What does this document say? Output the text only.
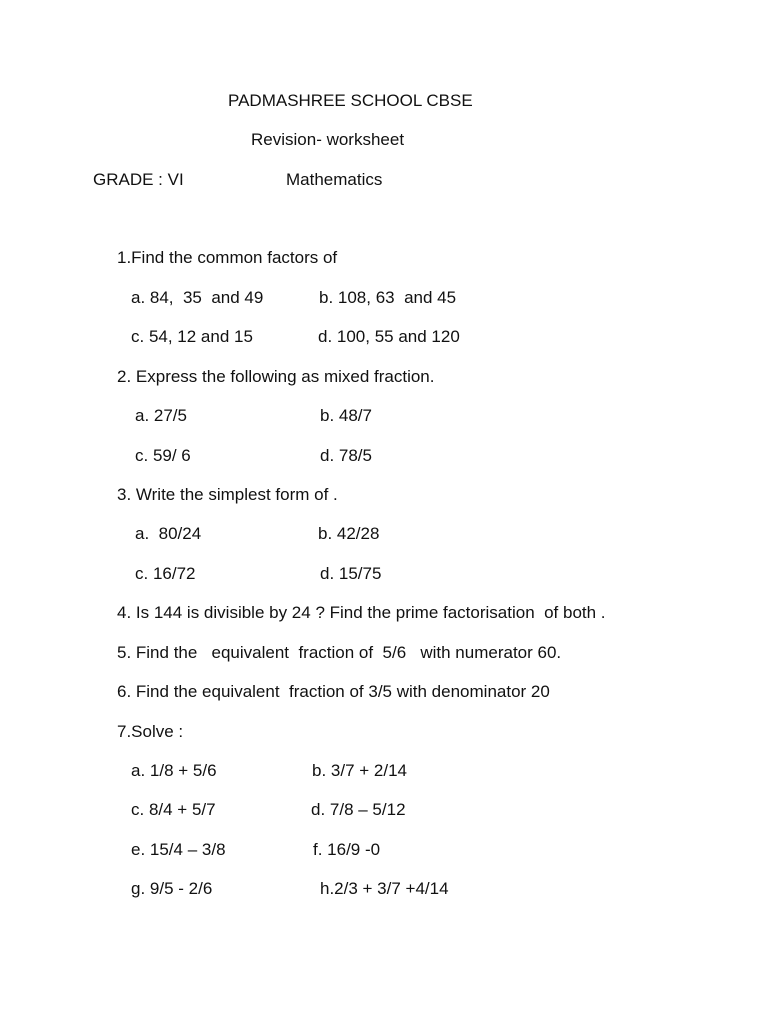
PADMASHREE SCHOOL CBSE
Revision- worksheet
GRADE : VI	Mathematics
1.Find the common factors of
a. 84,  35  and 49	b. 108, 63  and 45
c. 54, 12 and 15	d. 100, 55 and 120
2. Express the following as mixed fraction.
a. 27/5	b. 48/7
c. 59/ 6	d. 78/5
3. Write the simplest form of .
a.  80/24	b. 42/28
c. 16/72	d. 15/75
4. Is 144 is divisible by 24 ? Find the prime factorisation  of both .
5. Find the   equivalent  fraction of  5/6   with numerator 60.
6. Find the equivalent  fraction of 3/5 with denominator 20
7.Solve :
a. 1/8 + 5/6	b. 3/7 + 2/14
c. 8/4 + 5/7	d. 7/8 – 5/12
e. 15/4 – 3/8	f. 16/9 -0
g. 9/5 - 2/6	h.2/3 + 3/7 +4/14
